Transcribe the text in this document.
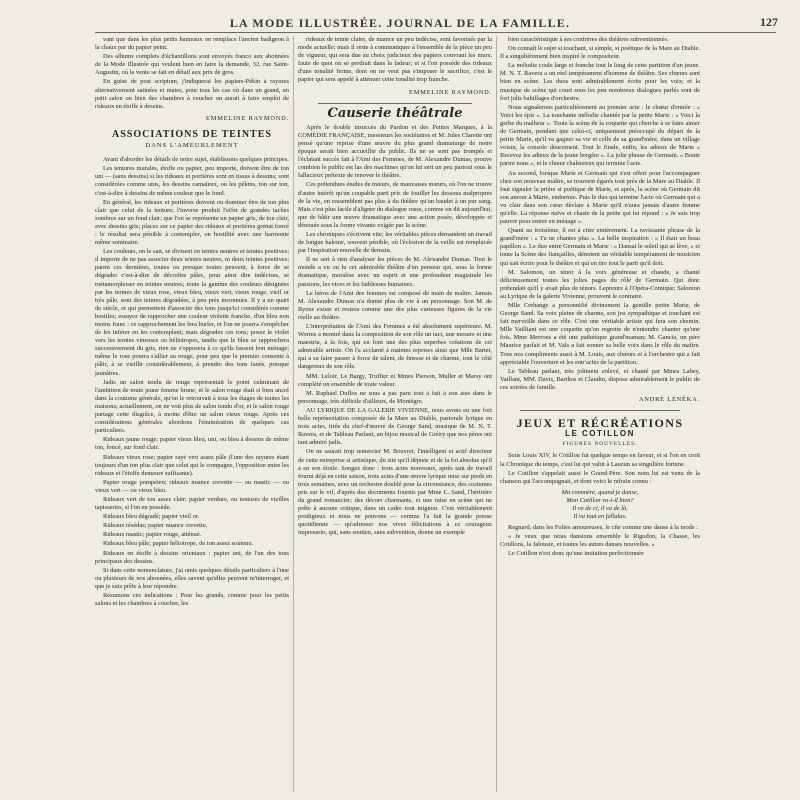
LA MODE ILLUSTRÉE. JOURNAL DE LA FAMILLE.	127

vant que dans les plus petits hameaux on remplace l'ancien badigeon à la chaux par du papier peint.

Des albums complets d'échantillons sont envoyés franco aux abonnées de la Mode Illustrée qui veulent bien en faire la demande, 32, rue Saint-Augustin, où la vente se fait en détail aux prix de gros.

En guise de post scriptum, j'indiquerai les papiers-Pékin à rayures alternativement satinées et mates, pour tous les cas où dans un grand, un petit salon ou bien des chambres à coucher on aurait à faire emploi de rideaux en étoffe à dessins.

EMMELINE RAYMOND.

ASSOCIATIONS DE TEINTES

DANS L'AMEUBLEMENT

Avant d'aborder les détails de notre sujet, établissons quelques principes.

Les tentures murales, étoffe ou papier, peu importe, doivent être de ton uni — (sans dessins) si les rideaux et portières sont en tissus à dessins; sont considérées comme unis, les dessins camaïeux, ou les pékins, ton sur ton, c'est-à-dire à dessins de même couleur que le fond.

En général, les rideaux et portières doivent ou dominer être de ton plus clair que celui de la tenture; l'inverse produit l'effet de grandes taches sombres sur un fond clair; que l'on se représente un papier gris, de ton clair, avec dessins gris; placez sur ce papier des rideaux et portières grenat foncé : le résultat sera pénible à contempler, on hostilité avec une harmonie même sommaire.

Les couleurs, on le sait, se divisent en teintes neutres et teintes positives; il importe de ne pas associer deux teintes neutres, ni deux teintes positives; parmi ces dernières, toutes ou presque toutes peuvent, à force de se dégrader c'est-à-dire de décroître pâles, pour ainsi dire indécises, se métamorphoser en teintes neutres; toute la gamme des couleurs désignées par les termes de vieux rose, vieux bleu, vieux vert, vieux rouge, vieil or très pâle, sont des teintes dégradées, à peu près inconnues. Il y a un quart de siècle, et qui permettent d'associer des tons jusqu'ici considérés comme hostiles; essayez de rapprocher une couleur violette franche, d'un bleu non moins franc : ce rapprochement les fera hurler, et l'on ne pourra s'empêcher de les inférer en les contemplant; mais dégradez ces tons; posez le violet vers les teintes vineuses ou héliotropes, tandis que le bleu se rapprochera successivement du gris, rien ne s'opposera à ce qu'ils fassent bon ménage; même le rose pourra s'allier au rouge, pour peu que le premier consente à pâlir, à se vieillir considérablement, à prendre des tons fanés, presque jaunâtres.

Jadis un salon tendu de rouge représentait le point culminant de l'ambition de toute jeune femme brune, et le salon rouge était si bien ancré dans la coutume générale, qu'on le retrouvait à tous les étages de toutes les maisons; actuellement, on ne voit plus de salon tendu d'or, et le salon rouge partage cette disgrâce, à moins d'être un salon vieux rouge. Après ces considérations générales abordons l'énumération de quelques cas particuliers.

Rideaux jaune rouge; papier vieux bleu, uni, ou bleu à dessins de même ton, foncé, sur fond clair.

Rideaux vieux rose; papier rayé vert assez pâle (l'une des rayures étant toujours d'un ton plus clair que celui qui le compagne, l'opposition entre les rideaux et l'étoffe demeure suffisante).

Papier rouge pompéien; rideaux nuance crevette — ou mastic — ou vieux vert — ou vieux bleu.

Rideaux vert de ton assez clair; papier verdure, ou tentures de vieilles tapisseries, si l'on en possède.

Rideaux bleu dégradé; papier vieil or.

Rideaux résédas; papier nuance crevette.

Rideaux mastic; papier rouge, atténué.

Rideaux bleu pâle; papier héliotrope, de ton assez soutenu.

Rideaux en étoffe à dessins orientaux : papier uni, de l'un des tons principaux des dessins.

Si dans cette nomenclature, j'ai omis quelques détails particuliers à l'une ou plusieurs de nos abonnées, elles savent qu'elles peuvent m'interroger, et que je suis prête à leur répondre.

Résumons ces indications : Pour les grands, comme pour les petits salons et les chambres à coucher, les

rideaux de teinte claire, de nuance un peu indécise, sont favorisés par la mode actuelle; mais il reste à communiquer à l'ensemble de la pièce un peu de vigueur, qui sera due au choix judicieux des papiers couvrant les murs; faute de quoi on se perdrait dans la fadeur; et si l'on possède des rideaux d'une tonalité ferme, dont on ne veut pas s'imposer le sacrifice, c'est le papier qui sera appelé à atténuer cette tonalité trop franche.

EMMELINE RAYMOND.

Causerie théâtrale

Après le double insuccès du Pardon et des Petites Marques, à la COMÉDIE FRANÇAISE, messieurs les sociétaires et M. Jules Claretie ont pensé qu'une reprise d'une œuvre du plus grand dramaturge de notre époque serait bien accueillie du public. Ils ne se sont pas trompés et l'éclatant succès fait à l'Ami des Femmes, de M. Alexandre Dumas, prouve combien le public est las des machines qu'on lui sert un peu partout sous le fallacieux prétexte de renover le théâtre.

Ces prétendues études de mœurs, de mauvaises mœurs, où l'on ne trouve d'autre intérêt qu'un coupable parti pris de fouiller les dessous malpropres de la vie, en ressemblent pas plus à du théâtre qu'un baudet à un pur sang. Mais c'est plus facile d'aligner du dialogue rosse, comme on dit aujourd'hui, que de bâtir une œuvre dramatique avec une action posée, développée et dénouée sous la forme vivante exigée par la scène.

Les chroniques s'écrivent vite; les véritables pièces demandent un travail de longue haleine, souvent pénible, où l'éclosion de la veille est remplacée par l'inspiration nouvelle de demain.

Il ne sert à rien d'analyser les pièces de M. Alexandre Dumas. Tout le monde a vu ou lu cet admirable théâtre d'un penseur qui, sous la forme dramatique, moralise avec un esprit et une profondeur magistrale les passions, les vices et les faiblesses humaines.

Le héros de l'Ami des femmes est composé de main de maître. Jamais M. Alexandre Dumas n'a donné plus de vie à un personnage. Son M. de Ryons existe et restera comme une des plus curieuses figures de la vie réelle au théâtre.

L'interprétation de l'Ami des Femmes a été absolument supérieure. M. Worms a montré dans la composition de son rôle un tact, une mesure et une maestria, à la fois, qui en font une des plus superbes créations de cet admirable artiste. On l'a acclamé à maintes reprises ainsi que Mlle Bartet, qui a su faire passer à force de talent, de finesse et de charme, tout le côté dangereux de son rôle.

MM. Leloir, Le Bargy, Truffier et Mmes Pierson, Muller et Marsy ont complété un ensemble de toute valeur.

M. Raphael Duflos ne sous a pas paru tout à fait à son aise dans le personnage, très difficile d'ailleurs, de Montègre.

AU LYRIQUE DE LA GALERIE VIVIENNE, nous avons eu une fort belle représentation composée de la Mare au Diable, pastorale lyrique en trois actes, tirée du chef-d'œuvre de George Sand, musique de M. N. T. Ravera, et de Tableau Parlant, un bijou musical de Grétry que nos pères ont tant admiré jadis.

On ne saurait trop remercier M. Bouvret, l'intelligent et actif directeur de cette entreprise si artistique, du site qu'il dépiste et de la foi absolue qu'il a en son étoile. Songez donc : trois actes nouveaux, après tant de travail fourni déjà en cette saison, trois actes d'une œuvre lyrique mise sur pieds en trois semaines, avec un orchestre doublé pour la circonstance, des costumes pris sur le vif, d'après des documents fournis par Mme L. Sand, l'héritière du grand romancier; des décors charmants, et une mise en scène qui ne prête à aucune critique, dans un cadre tout mignon. C'est véritablement prodigieux et nous ne pouvons — comme l'a fait la grande presse quotidienne — qu'adresser nos vives félicitations à ce courageux impresario, qui, sans soutien, sans subvention, donne un exemple

bien caractéristique à ses confrères des théâtres subventionnés.

On connaît le sujet si touchant, si simple, si poétique de la Mare au Diable. Il a singulièrement bien inspiré le compositeur.

La mélodie coule large et franche tout le long de cette partition d'un jeune. M. N. T. Ravera a un réel tempérament d'homme de théâtre. Ses chœurs sont bien en scène. Les duos sont admirablement écrits pour les voix; et la musique de scène qui court sous les peu nombreux dialogues parlés sont de fort jolis babillages d'orchestre.

Nous signalerons particulièrement au premier acte : le chœur d'entrée : « Voici les épis ». La touchante mélodie chantée par la petite Marie : « Voici la gerbe du malheur ». Toute la scène de la coquette qui cherche à se faire aimer de Germain, pendant que celui-ci, uniquement préoccupé du départ de la petite Marie, qu'il va gagner sa vie et celle de sa grand'mère, dans un village voisin, la console doucement. Tout le finale, enfin, les adieux de Marie « Recevez les adieux de la jeune bergère ». La jolie phrase de Germain. « Bonte parmi nous », et le chœur chaleureux qui termine l'acte.

Au second, lorsque Marie et Germain qui s'est offert pour l'accompagner chez son nouveau maître, se trouvent égarés tout près de la Mare au Diable. Il faut signaler la prière si poétique de Marie, et après, la scène où Germain dit son amour à Marie, endormie. Puis le duo qui termine l'acte où Germain qui a vu clair dans son cœur déclare à Marie qu'il n'aura jamais d'autre femme qu'elle. La réponse naïve et chaste de la petite qui lui répond : « Je suis trop pauvre pour entrer en ménage ».

Quant au troisième, il est à citer entièrement. La ravissante phrase de la grand'mère : « Tu ne chantes plus ». La belle inspiration : « Il était un beau papillon ». Le duo entre Germain et Marie : « Dansai le soleil qui se lève, » et toute la Scène des fiançailles, dénotent un véritable tempérament de musicien qui sait écrire pour le théâtre et qui en tire tout le parti qu'il doit.

M. Salomon, un ténor à la voix généreuse et chaude, a chanté délicieusement toutes les jolies pages du rôle de Germain. Qui donc prétendait qu'il y avait plus de ténors. Leprestre à l'Opéra-Comique; Salomon au Lyrique de la galerie Vivienne, prouvent le contraire.

Mlle Crehange a personnifié divinement la gentille petite Marie, de George Sand. Sa voix pleine de charme, son jeu sympathique et touchant est fait merveille dans ce rôle. C'est une véritable artiste qui fera son chemin. Mlle Vailliant est une coquette qu'on regrette de n'entendre chanter qu'une fois. Mme Merrous a été une pathétique grand'maman; M. Gancia, un père Maurice parfait et M. Vals a fait sonner sa belle voix dans le rôle du maître. Tous nos compliments aussi à M. Louis, aux chœurs et à l'orchestre qui a fait appréciable l'ouverture et les entr'actes de la partition.

Le Tableau parlant, très joliment enlevé, et chanté par Mmes Labey, Vaillant, MM. Davis, Barthos et Claudin, dispose admirablement le public de ces soirées de famille.

ANDRÉ LÉNÉKA.

JEUX ET RÉCRÉATIONS
LE COTILLON

FIGURES NOUVELLES.

Sous Louis XIV, le Cotillon fut quelque temps en faveur, et si l'on en croit la Chronique du temps, c'est lui qui valut à Lauzun sa singulière fortune.

Le Cotillon s'appelait aussi le Grand-Père. Son nom lui est venu de la chanson qui l'accompagnait, et dont voici le refrain connu :

Ma commère, quand je danse,
Mon Cotillon va-t-il bien?
Il va de ci, il va de là,
Il va tout en fallalas.

Regnard, dans les Folies amoureuses, le cite comme une danse à la mode :

« Je veux que nous dansions ensemble le Rigodon, la Chasse, les Cotillons, la Jalousie, et toutes les autres danses nouvelles. »

Le Cotillon n'est donc qu'une imitation perfectionnée
